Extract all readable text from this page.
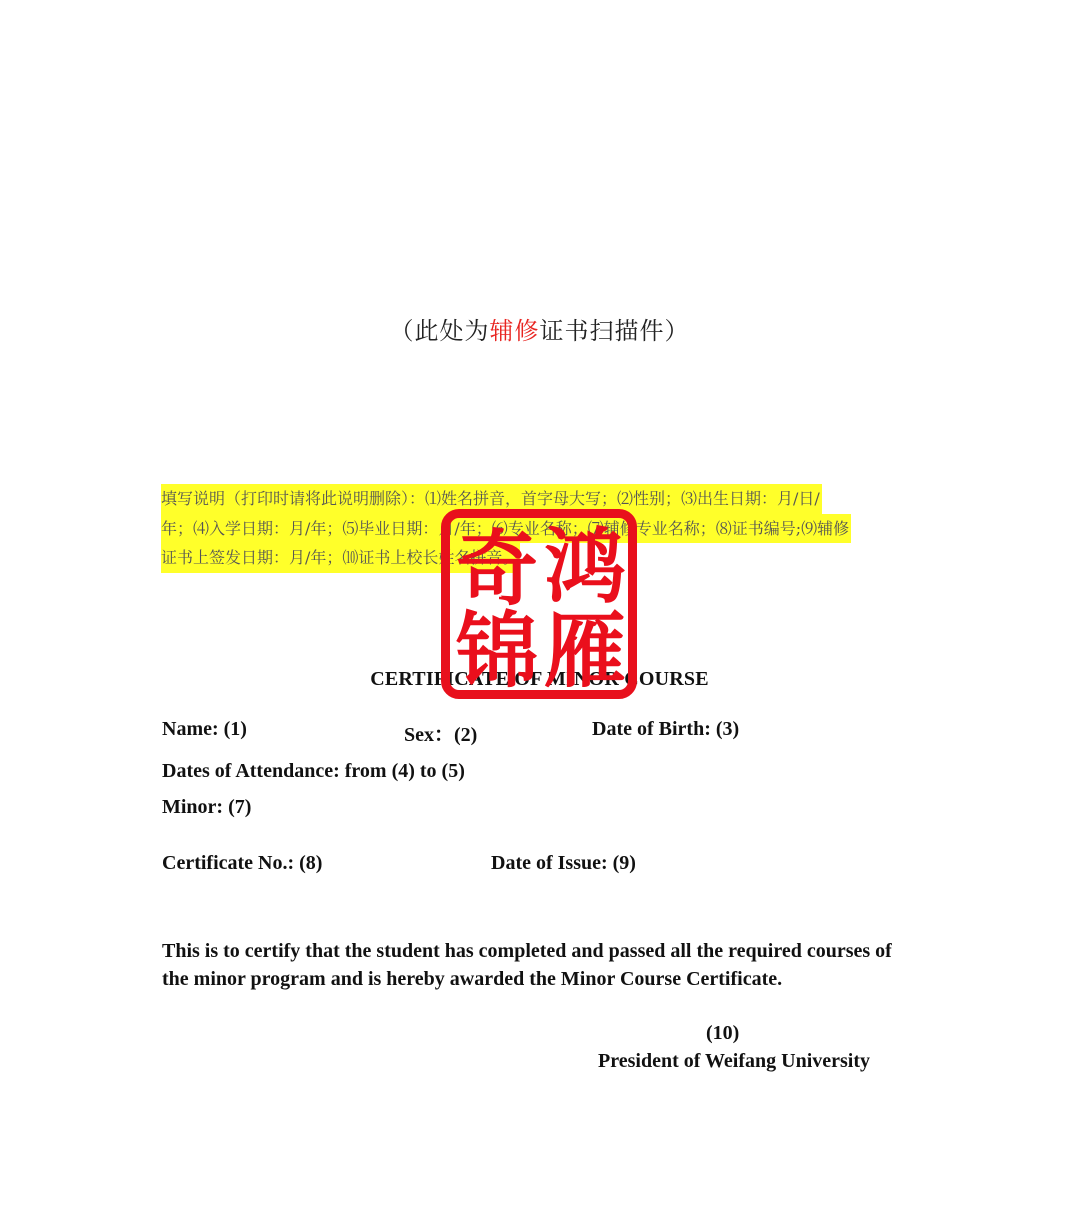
（此处为辅修证书扫描件）
填写说明（打印时请将此说明删除）：⑴姓名拼音，首字母大写；⑵性别；⑶出生日期：月/日/
年；⑷入学日期：月/年；⑸毕业日期：月/年；⑹专业名称；⑺辅修专业名称；⑻证书编号;⑼辅修
证书上签发日期：月/年；⑽证书上校长姓名拼音。
CERTIFICATE OF MINOR COURSE
Name: (1)	Sex：(2)	Date of Birth: (3)
Dates of Attendance: from (4) to (5)
Minor: (7)
Certificate No.: (8)	Date of Issue: (9)
This is to certify that the student has completed and passed all the required courses of the minor program and is hereby awarded the Minor Course Certificate.
(10)
President of Weifang University
奇 鸿
锦 雁
